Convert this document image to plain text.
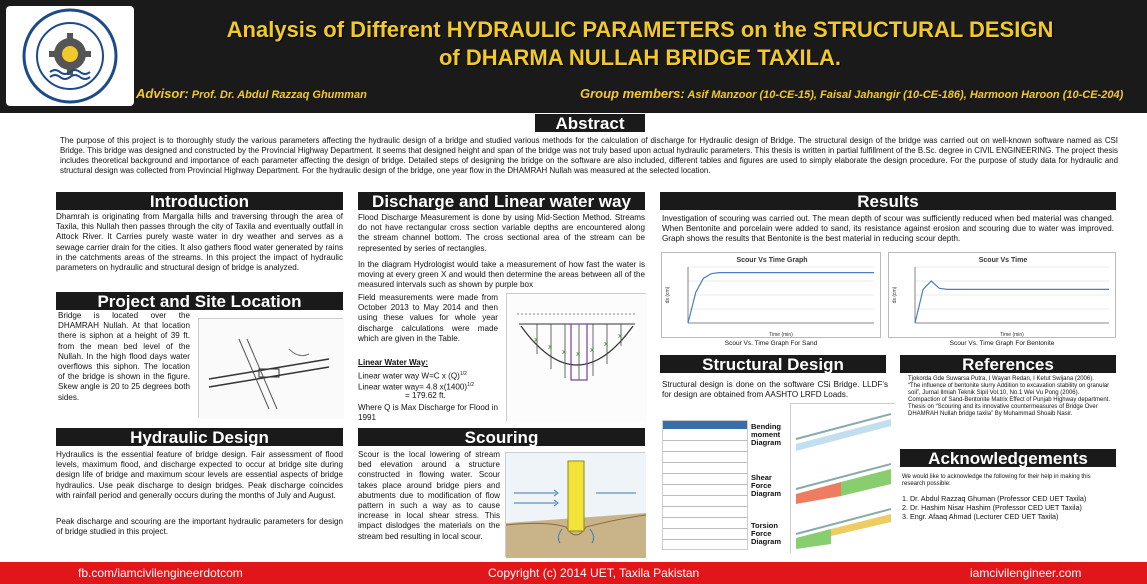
Analysis of Different HYDRAULIC PARAMETERS on the STRUCTURAL DESIGN
of DHARMA NULLAH BRIDGE TAXILA.
Advisor: Prof. Dr. Abdul Razzaq Ghumman	Group members: Asif Manzoor (10-CE-15), Faisal Jahangir (10-CE-186), Harmoon Haroon (10-CE-204)
Abstract
The purpose of this project is to thoroughly study the various parameters affecting the hydraulic design of a bridge and studied various methods for the calculation of discharge for Hydraulic design of Bridge. The structural design of the bridge was carried out on well-known software named as CSI Bridge. This bridge was designed and constructed by the Provincial Highway Department. It seems that designed height and span of the bridge was not truly based upon actual hydraulic parameters. This thesis is written in partial fulfillment of the B.Sc. degree in CIVIL ENGINEERING. The project thesis includes theoretical background and importance of each parameter affecting the design of bridge. Detailed steps of designing the bridge on the software are also included, different tables and figures are used to simply elaborate the design procedure. For the purpose of study data for hydraulic and structural design was collected from Provincial Highway Department. For the hydraulic design of the bridge, one year flow in the DHAMRAH Nullah was measured at the selected location.
Introduction
Dhamrah is originating from Margalla hills and traversing through the area of Taxila, this Nullah then passes through the city of Taxila and eventually outfall in Attock River. It Carries purely waste water in dry weather and serves as a sewage carrier drain for the cities. It also gathers flood water generated by rains in the catchments areas of the streams. In this project the impact of hydraulic parameters on hydraulic and structural design of bridge is analyzed.
Project and Site Location
Bridge is located over the DHAMRAH Nullah. At that location there is siphon at a height of 39 ft. from the mean bed level of the Nullah. In the high flood days water overflows this siphon. The location of the bridge is shown in the figure. Skew angle is 20 to 25 degrees both sides.
Hydraulic Design
Hydraulics is the essential feature of bridge design. Fair assessment of flood levels, maximum flood, and discharge expected to occur at bridge site during design life of bridge and maximum scour levels are essential aspects of bridge hydraulics. Use peak discharge to design bridges. Peak discharge coincides with rainfall period and generally occurs during the months of July and August.
Peak discharge and scouring are the important hydraulic parameters for design of bridge studied in this project.
Discharge and Linear water way
Flood Discharge Measurement is done by using Mid-Section Method. Streams do not have rectangular cross section variable depths are encountered along the stream channel bottom. The cross sectional area of the stream can be represented by series of rectangles.
In the diagram Hydrologist would take a measurement of how fast the water is moving at every green X and would then determine the areas between all of the measured intervals such as shown by purple box
Field measurements were made from October 2013 to May 2014 and then using these values for whole year discharge calculations were made which are given in the Table.
Linear Water Way:
Linear water way W=C x $(Q)^{1/2}$
Linear water way= 4.8 $x(1400)^{1/2}$
= 179.62 ft.
Where Q is Max Discharge for Flood in 1991
x
x
x x x
x
x
Scouring
Scour is the local lowering of stream bed elevation around a structure constructed in flowing water. Scour takes place around bridge piers and abutments due to modification of flow pattern in such a way as to cause increase in local shear stress. This impact dislodges the materials on the stream bed resulting in local scour.
Results
Investigation of scouring was carried out. The mean depth of scour was sufficiently reduced when bed material was changed. When Bentonite and porcelain were added to sand, its resistance against erosion and scouring due to water was improved. Graph shows the results that Bentonite is the best material in reducing scour depth.
Scour Vs Time Graph
Time (min)
ds (cm)
Scour Vs. Time Graph For Sand
Scour Vs Time
Time (min)
ds (cm)
Scour Vs. Time Graph For Bentonite
Structural Design
Structural design is done on the software CSi Bridge. LLDF’s for design are obtained from AASHTO LRFD Loads.

Bending moment Diagram
Shear Force Diagram
Torsion Force Diagram
References
Tjokorda Gde Suwarsa Putra, I Wayan Redan, I Ketut Swijana (2006).
“The influence of bentonite slurry Addition to excavation stability on granular soil”, Jurnal Ilmiah Teknik Sipil Vol.10, No.1 Wei Vu Pong (2006).
Compaction of Sand-Bentonite Matrix Effect of Punjab Highway department.
Thesis on “Scouring and its innovative countermeasures of Bridge Over DHAMRAH Nullah bridge taxila” By Muhammad Shoaib Nasir.
Acknowledgements
We would like to acknowledge the following for their help in making this research possible:
1. Dr. Abdul Razzaq Ghuman (Professor CED UET Taxila)
2. Dr. Hashim Nisar Hashim (Professor CED UET Taxila)
3. Engr. Afaaq Ahmad (Lecturer CED UET Taxila)
fb.com/iamcivilengineerdotcom	Copyright (c) 2014 UET, Taxila Pakistan	iamcivilengineer.com
